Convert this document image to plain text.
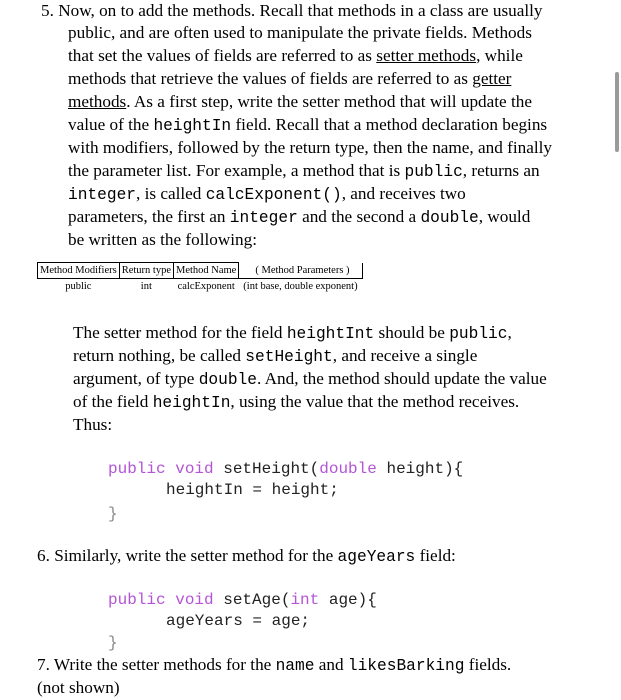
5. Now, on to add the methods. Recall that methods in a class are usually

public, and are often used to manipulate the private fields. Methods

that set the values of fields are referred to as setter methods, while

methods that retrieve the values of fields are referred to as getter

methods. As a first step, write the setter method that will update the

value of the heightIn field. Recall that a method declaration begins

with modifiers, followed by the return type, then the name, and finally

the parameter list. For example, a method that is public, returns an

integer, is called calcExponent(), and receives two

parameters, the first an integer and the second a double, would

be written as the following:

Method Modifiers	Return type	Method Name	( Method Parameters )
public	int	calcExponent	(int base, double exponent)

The setter method for the field heightInt should be public,

return nothing, be called setHeight, and receive a single

argument, of type double. And, the method should update the value

of the field heightIn, using the value that the method receives.

Thus:

public void setHeight(double height){
heightIn = height;
}

6. Similarly, write the setter method for the ageYears field:

public void setAge(int age){
ageYears = age;
}

7. Write the setter methods for the name and likesBarking fields.

(not shown)
